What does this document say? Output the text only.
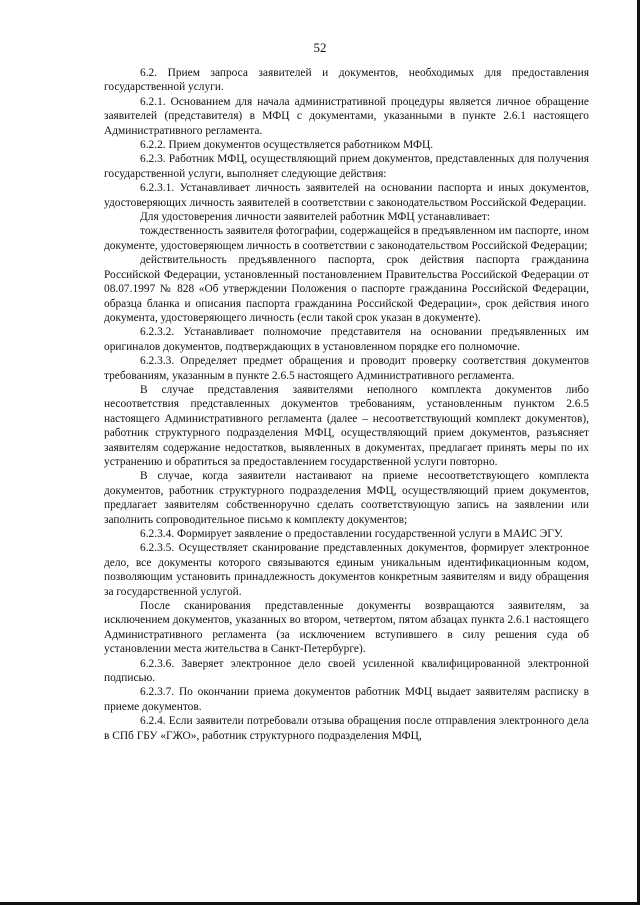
52

6.2. Прием запроса заявителей и документов, необходимых для предоставления государственной услуги.

6.2.1. Основанием для начала административной процедуры является личное обращение заявителей (представителя) в МФЦ с документами, указанными в пункте 2.6.1 настоящего Административного регламента.

6.2.2. Прием документов осуществляется работником МФЦ.

6.2.3. Работник МФЦ, осуществляющий прием документов, представленных для получения государственной услуги, выполняет следующие действия:

6.2.3.1. Устанавливает личность заявителей на основании паспорта и иных документов, удостоверяющих личность заявителей в соответствии с законодательством Российской Федерации.

Для удостоверения личности заявителей работник МФЦ устанавливает:

тождественность заявителя фотографии, содержащейся в предъявленном им паспорте, ином документе, удостоверяющем личность в соответствии с законодательством Российской Федерации;

действительность предъявленного паспорта, срок действия паспорта гражданина Российской Федерации, установленный постановлением Правительства Российской Федерации от 08.07.1997 № 828 «Об утверждении Положения о паспорте гражданина Российской Федерации, образца бланка и описания паспорта гражданина Российской Федерации», срок действия иного документа, удостоверяющего личность (если такой срок указан в документе).

6.2.3.2. Устанавливает полномочие представителя на основании предъявленных им оригиналов документов, подтверждающих в установленном порядке его полномочие.

6.2.3.3. Определяет предмет обращения и проводит проверку соответствия документов требованиям, указанным в пункте 2.6.5 настоящего Административного регламента.

В случае представления заявителями неполного комплекта документов либо несоответствия представленных документов требованиям, установленным пунктом 2.6.5 настоящего Административного регламента (далее – несоответствующий комплект документов), работник структурного подразделения МФЦ, осуществляющий прием документов, разъясняет заявителям содержание недостатков, выявленных в документах, предлагает принять меры по их устранению и обратиться за предоставлением государственной услуги повторно.

В случае, когда заявители настаивают на приеме несоответствующего комплекта документов, работник структурного подразделения МФЦ, осуществляющий прием документов, предлагает заявителям собственноручно сделать соответствующую запись на заявлении или заполнить сопроводительное письмо к комплекту документов;

6.2.3.4. Формирует заявление о предоставлении государственной услуги в МАИС ЭГУ.

6.2.3.5. Осуществляет сканирование представленных документов, формирует электронное дело, все документы которого связываются единым уникальным идентификационным кодом, позволяющим установить принадлежность документов конкретным заявителям и виду обращения за государственной услугой.

После сканирования представленные документы возвращаются заявителям, за исключением документов, указанных во втором, четвертом, пятом абзацах пункта 2.6.1 настоящего Административного регламента (за исключением вступившего в силу решения суда об установлении места жительства в Санкт-Петербурге).

6.2.3.6. Заверяет электронное дело своей усиленной квалифицированной электронной подписью.

6.2.3.7. По окончании приема документов работник МФЦ выдает заявителям расписку в приеме документов.

6.2.4. Если заявители потребовали отзыва обращения после отправления электронного дела в СПб ГБУ «ГЖО», работник структурного подразделения МФЦ,
